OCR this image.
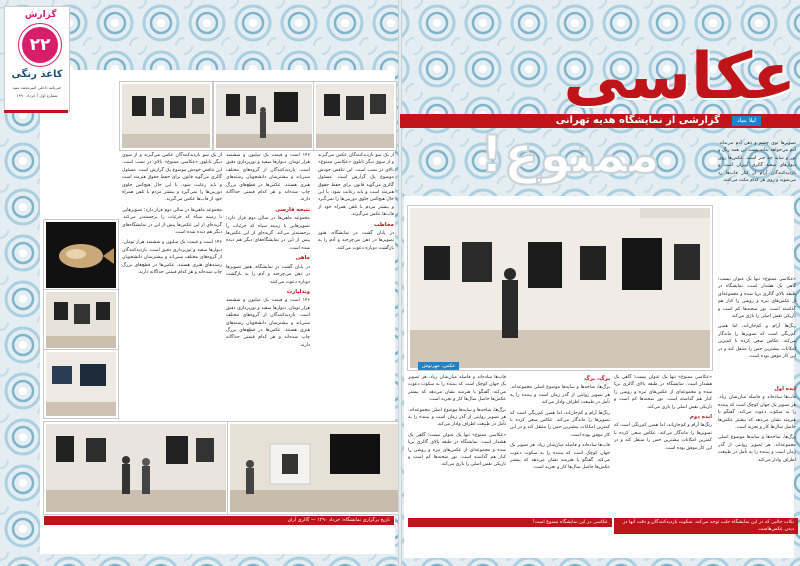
گزارش
۲۲
کاغذ رنگی
خبرنامه داخلی امیرمحمد سید
شماره اول / خرداد ۱۳۹۰

۱۴۶ است و قیمت یک میلیون و ششصد هزار تومان. دیوارها سفید و نورپردازی دقیق است. بازدیدکنندگان از گروه‌های مختلف سنی‌اند و بیشترشان دانشجویان رشته‌های هنری هستند. عکس‌ها در قطع‌های بزرگ چاپ شده‌اند و هر کدام قیمتی جداگانه دارند.

نتیجه فارسی

مجموعه ماهی‌ها در سالن دوم قرار دارد؛ تصویرهایی با زمینه سیاه که جزئیات را برجسته‌تر می‌کند. گزیده‌ای از این عکس‌ها پیش از این در نمایشگاه‌های دیگر هم دیده شده است.

ماهی

در پایان گشت در نمایشگاه، هنوز تصویرها در ذهن می‌چرخند و آدم را به بازگشت دوباره دعوت می‌کنند.

وندلیارت

۱۴۶ است و قیمت یک میلیون و ششصد هزار تومان. دیوارها سفید و نورپردازی دقیق است. بازدیدکنندگان از گروه‌های مختلف سنی‌اند و بیشترشان دانشجویان رشته‌های هنری هستند. عکس‌ها در قطع‌های بزرگ چاپ شده‌اند و هر کدام قیمتی جداگانه دارند.

از یک سو بازدیدکنندگان عکس می‌گیرند و از سوی دیگر تابلوی «عکاسی ممنوع» بالای در نصب است. این تناقض خودش موضوع یک گزارش است. مسئول گالری می‌گوید قانون برای حفظ حقوق هنرمند است و باید رعایت شود. با این حال هیچ‌کس جلوی دوربین‌ها را نمی‌گیرد و بیشتر مردم با تلفن همراه خود از قاب‌ها عکس می‌گیرند.

مجموعه ماهی‌ها در سالن دوم قرار دارد؛ تصویرهایی با زمینه سیاه که جزئیات را برجسته‌تر می‌کند. گزیده‌ای از این عکس‌ها پیش از این در نمایشگاه‌های دیگر هم دیده شده است.

۱۴۶ است و قیمت یک میلیون و ششصد هزار تومان. دیوارها سفید و نورپردازی دقیق است. بازدیدکنندگان از گروه‌های مختلف سنی‌اند و بیشترشان دانشجویان رشته‌های هنری هستند. عکس‌ها در قطع‌های بزرگ چاپ شده‌اند و هر کدام قیمتی جداگانه دارند.

از یک سو بازدیدکنندگان عکس می‌گیرند و از سوی دیگر تابلوی «عکاسی ممنوع» بالای در نصب است. این تناقض خودش موضوع یک گزارش است. مسئول گالری می‌گوید قانون برای حفظ حقوق هنرمند است و باید رعایت شود. با این حال هیچ‌کس جلوی دوربین‌ها را نمی‌گیرد و بیشتر مردم با تلفن همراه خود از قاب‌ها عکس می‌گیرند.

مخاطب

در پایان گشت در نمایشگاه، هنوز تصویرها در ذهن می‌چرخند و آدم را به بازگشت دوباره دعوت می‌کنند.

تاریخ برگزاری نمایشگاه: خرداد ۱۳۹۰ — گالری آران
عکاسی
گزارشی از نمایشگاه هدیه تهرانی	لیلا بنیاد
ممنوع!	تصویرها توی چشم و ذهن آدم می‌ماند. آدم می‌خواهد بداند پشت این همه رنگ و نور و سایه چه خبر است. عکس‌ها روی دیوارهای سفید گالری آویزان است و بازدیدکنندگان آرام از کنار قاب‌ها رد می‌شوند و روی هر کدام مکث می‌کنند.

عکس: مهرنوش

«عکاسی ممنوع» تنها یک عنوان نیست؛ گاهی یک هشدار است. نمایشگاه در طبقه بالای گالری برپا شده و مجموعه‌ای از عکس‌های تیره و روشن را کنار هم گذاشته است. نور صحنه‌ها کم است و تاریکی نقش اصلی را بازی می‌کند.

رنگ‌ها آرام و کم‌جان‌اند، اما همین کم‌رنگی است که تصویرها را ماندگار می‌کند. عکاس سعی کرده با کمترین امکانات بیشترین حس را منتقل کند و در این کار موفق بوده است.

ایده اول

قاب‌ها ساده‌اند و فاصله میان‌شان زیاد. هر تصویر یک جهان کوچک است که بیننده را به سکوت دعوت می‌کند. گفتگو با هنرمند نشان می‌دهد که بیشتر عکس‌ها حاصل سال‌ها کار و تجربه است.

برگ‌ها، شاخه‌ها و سایه‌ها موضوع اصلی مجموعه‌اند. هر تصویر روایتی از گذر زمان است و بیننده را به تأمل در طبیعت اطراف وادار می‌کند.

«عکاسی ممنوع» تنها یک عنوان نیست؛ گاهی یک هشدار است. نمایشگاه در طبقه بالای گالری برپا شده و مجموعه‌ای از عکس‌های تیره و روشن را کنار هم گذاشته است. نور صحنه‌ها کم است و تاریکی نقش اصلی را بازی می‌کند.

ایده دوم

رنگ‌ها آرام و کم‌جان‌اند، اما همین کم‌رنگی است که تصویرها را ماندگار می‌کند. عکاس سعی کرده با کمترین امکانات بیشترین حس را منتقل کند و در این کار موفق بوده است.

برگ، برگ

برگ‌ها، شاخه‌ها و سایه‌ها موضوع اصلی مجموعه‌اند. هر تصویر روایتی از گذر زمان است و بیننده را به تأمل در طبیعت اطراف وادار می‌کند.

رنگ‌ها آرام و کم‌جان‌اند، اما همین کم‌رنگی است که تصویرها را ماندگار می‌کند. عکاس سعی کرده با کمترین امکانات بیشترین حس را منتقل کند و در این کار موفق بوده است.

قاب‌ها ساده‌اند و فاصله میان‌شان زیاد. هر تصویر یک جهان کوچک است که بیننده را به سکوت دعوت می‌کند. گفتگو با هنرمند نشان می‌دهد که بیشتر عکس‌ها حاصل سال‌ها کار و تجربه است.

قاب‌ها ساده‌اند و فاصله میان‌شان زیاد. هر تصویر یک جهان کوچک است که بیننده را به سکوت دعوت می‌کند. گفتگو با هنرمند نشان می‌دهد که بیشتر عکس‌ها حاصل سال‌ها کار و تجربه است.

برگ‌ها، شاخه‌ها و سایه‌ها موضوع اصلی مجموعه‌اند. هر تصویر روایتی از گذر زمان است و بیننده را به تأمل در طبیعت اطراف وادار می‌کند.

«عکاسی ممنوع» تنها یک عنوان نیست؛ گاهی یک هشدار است. نمایشگاه در طبقه بالای گالری برپا شده و مجموعه‌ای از عکس‌های تیره و روشن را کنار هم گذاشته است. نور صحنه‌ها کم است و تاریکی نقش اصلی را بازی می‌کند.

نکات جالبی که در این نمایشگاه جلب توجه می‌کند، سکوت بازدیدکنندگان و دقت آنها در دیدن عکس‌هاست.
عکاسی در این نمایشگاه ممنوع است!
